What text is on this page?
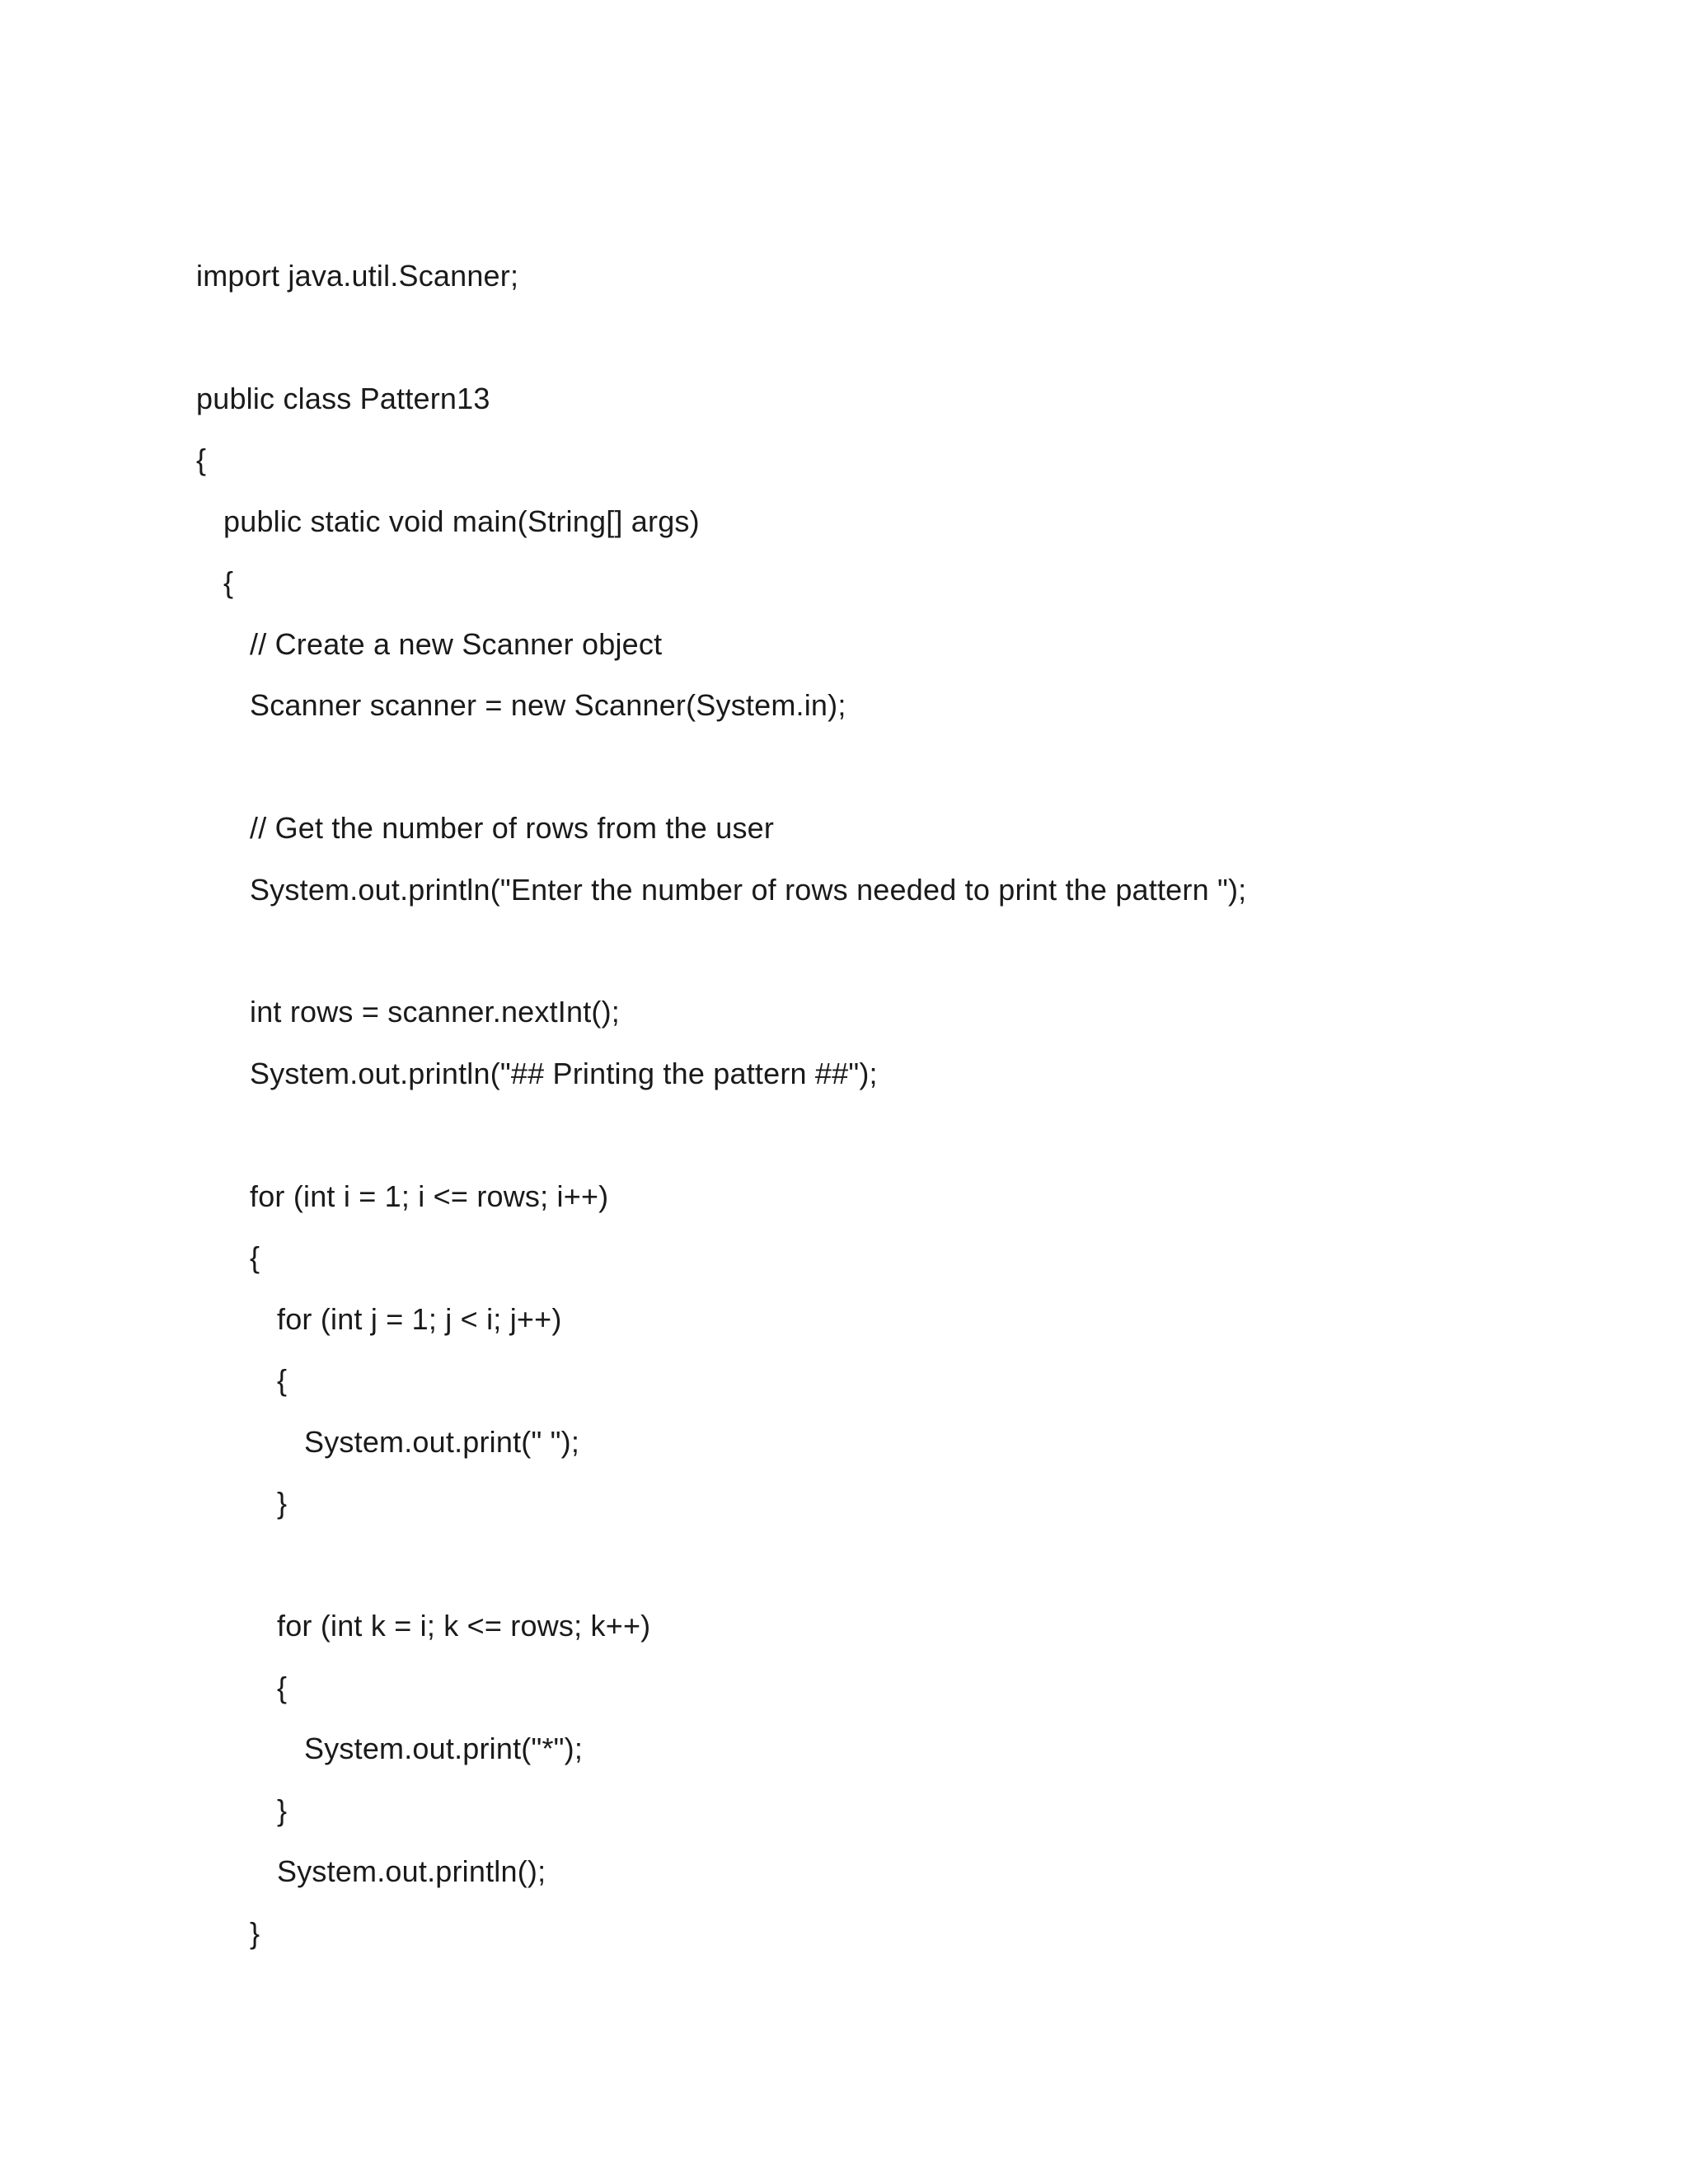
import java.util.Scanner;
public class Pattern13
{
public static void main(String[] args)
{
// Create a new Scanner object
Scanner scanner = new Scanner(System.in);
// Get the number of rows from the user
System.out.println("Enter the number of rows needed to print the pattern ");
int rows = scanner.nextInt();
System.out.println("## Printing the pattern ##");
for (int i = 1; i <= rows; i++)
{
for (int j = 1; j < i; j++)
{
System.out.print(" ");
}
for (int k = i; k <= rows; k++)
{
System.out.print("*");
}
System.out.println();
}
